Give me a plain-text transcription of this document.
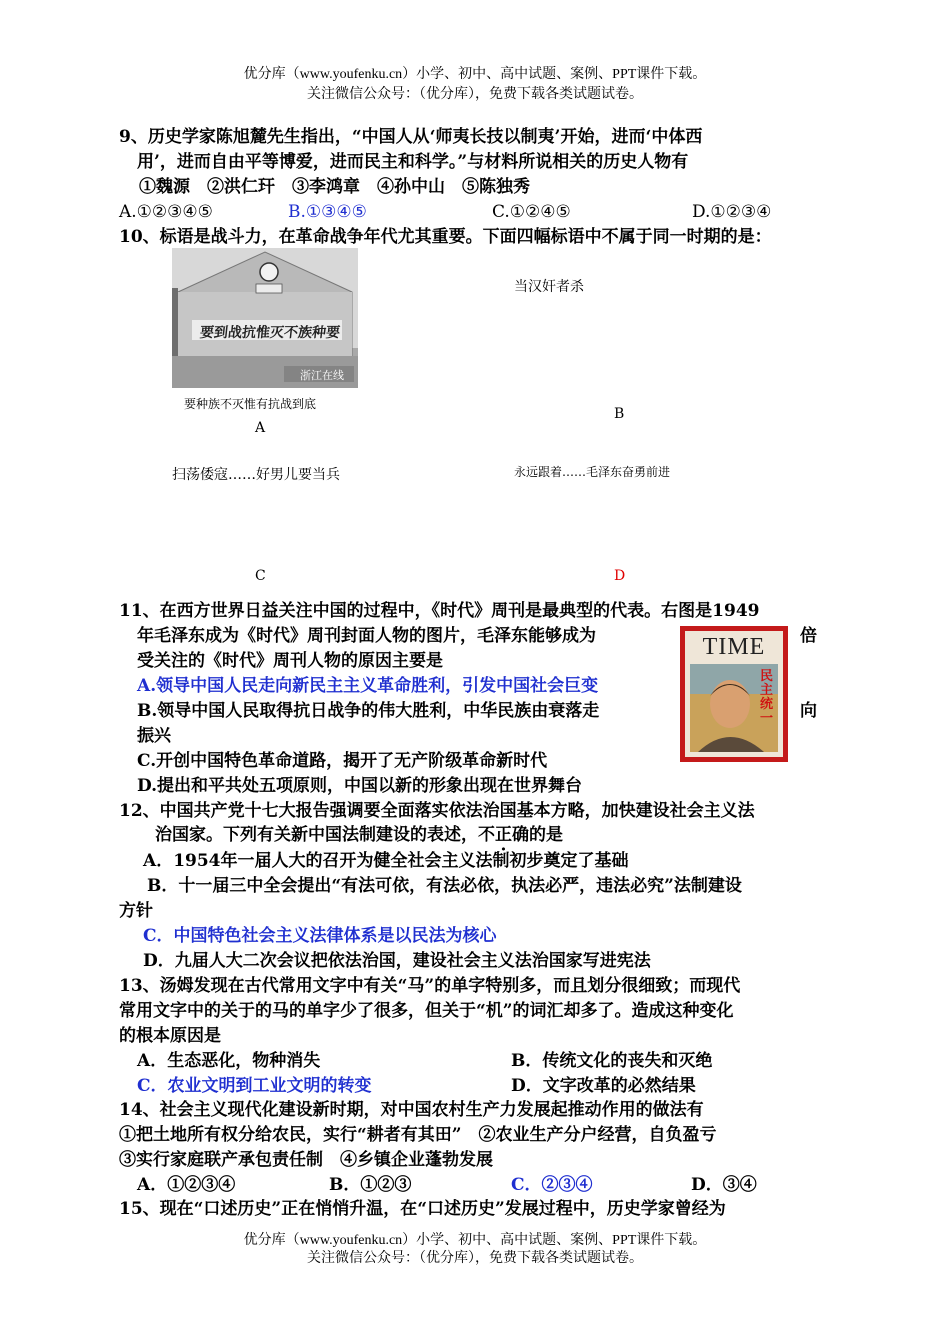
优分库（www.youfenku.cn）小学、初中、高中试题、案例、PPT课件下载。
关注微信公众号：（优分库），免费下载各类试题试卷。
9、历史学家陈旭麓先生指出，“中国人从‘师夷长技以制夷’开始，进而‘中体西
用’，进而自由平等博爱，进而民主和科学。”与材料所说相关的历史人物有
①魏源　②洪仁玕　③李鸿章　④孙中山　⑤陈独秀
A.①②③④⑤	B.①③④⑤	C.①②④⑤	D.①②③④
10、标语是战斗力，在革命战争年代尤其重要。下面四幅标语中不属于同一时期的是：
要到战抗惟灭不族种要
浙江在线
要种族不灭惟有抗战到底
当汉奸者杀
A
B
扫荡倭寇……好男儿要当兵	永远跟着……毛泽东奋勇前进
C	D
11、在西方世界日益关注中国的过程中，《时代》周刊是最典型的代表。右图是1949
年毛泽东成为《时代》周刊封面人物的图片，毛泽东能够成为	倍
受关注的《时代》周刊人物的原因主要是
A.领导中国人民走向新民主主义革命胜利，引发中国社会巨变
B.领导中国人民取得抗日战争的伟大胜利，中华民族由衰落走	向
振兴
C.开创中国特色革命道路，揭开了无产阶级革命新时代
D.提出和平共处五项原则，中国以新的形象出现在世界舞台
TIME
民主统一
12、中国共产党十七大报告强调要全面落实依法治国基本方略，加快建设社会主义法
治国家。下列有关新中国法制建设的表述，不正确的是
A．1954年一届人大的召开为健全社会主义法制初步奠定了基础
B．十一届三中全会提出“有法可依，有法必依，执法必严，违法必究”法制建设
方针
C．中国特色社会主义法律体系是以民法为核心
D．九届人大二次会议把依法治国，建设社会主义法治国家写进宪法
13、汤姆发现在古代常用文字中有关“马”的单字特别多，而且划分很细致；而现代
常用文字中的关于的马的单字少了很多，但关于“机”的词汇却多了。造成这种变化
的根本原因是
A．生态恶化，物种消失	B．传统文化的丧失和灭绝
C．农业文明到工业文明的转变	D．文字改革的必然结果
14、社会主义现代化建设新时期，对中国农村生产力发展起推动作用的做法有
①把土地所有权分给农民，实行“耕者有其田”　②农业生产分户经营，自负盈亏
③实行家庭联产承包责任制　④乡镇企业蓬勃发展
A．①②③④	B．①②③	C．②③④	D．③④
15、现在“口述历史”正在悄悄升温，在“口述历史”发展过程中，历史学家曾经为
优分库（www.youfenku.cn）小学、初中、高中试题、案例、PPT课件下载。
关注微信公众号：（优分库），免费下载各类试题试卷。
